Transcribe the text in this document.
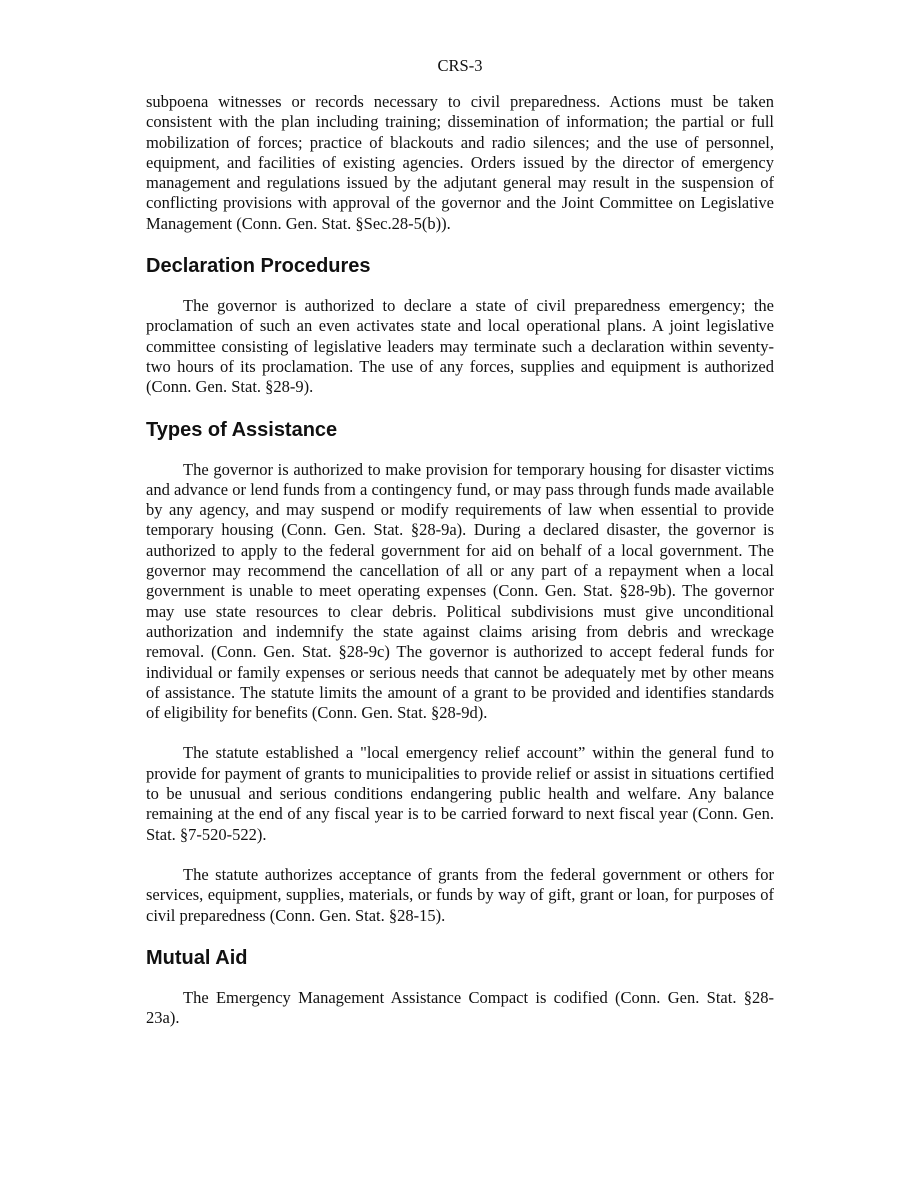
CRS-3

subpoena witnesses or records necessary to civil preparedness. Actions must be taken consistent with the plan including training; dissemination of information; the partial or full mobilization of forces; practice of blackouts and radio silences; and the use of personnel, equipment, and facilities of existing agencies. Orders issued by the director of emergency management and regulations issued by the adjutant general may result in the suspension of conflicting provisions with approval of the governor and the Joint Committee on Legislative Management (Conn. Gen. Stat. §Sec.28-5(b)).

Declaration Procedures

The governor is authorized to declare a state of civil preparedness emergency; the proclamation of such an even activates state and local operational plans. A joint legislative committee consisting of legislative leaders may terminate such a declaration within seventy-two hours of its proclamation. The use of any forces, supplies and equipment is authorized (Conn. Gen. Stat. §28-9).

Types of Assistance

The governor is authorized to make provision for temporary housing for disaster victims and advance or lend funds from a contingency fund, or may pass through funds made available by any agency, and may suspend or modify requirements of law when essential to provide temporary housing (Conn. Gen. Stat. §28-9a). During a declared disaster, the governor is authorized to apply to the federal government for aid on behalf of a local government. The governor may recommend the cancellation of all or any part of a repayment when a local government is unable to meet operating expenses (Conn. Gen. Stat. §28-9b). The governor may use state resources to clear debris. Political subdivisions must give unconditional authorization and indemnify the state against claims arising from debris and wreckage removal. (Conn. Gen. Stat. §28-9c) The governor is authorized to accept federal funds for individual or family expenses or serious needs that cannot be adequately met by other means of assistance. The statute limits the amount of a grant to be provided and identifies standards of eligibility for benefits (Conn. Gen. Stat. §28-9d).

The statute established a "local emergency relief account” within the general fund to provide for payment of grants to municipalities to provide relief or assist in situations certified to be unusual and serious conditions endangering public health and welfare. Any balance remaining at the end of any fiscal year is to be carried forward to next fiscal year (Conn. Gen. Stat. §7-520-522).

The statute authorizes acceptance of grants from the federal government or others for services, equipment, supplies, materials, or funds by way of gift, grant or loan, for purposes of civil preparedness (Conn. Gen. Stat. §28-15).

Mutual Aid

The Emergency Management Assistance Compact is codified (Conn. Gen. Stat. §28-23a).
